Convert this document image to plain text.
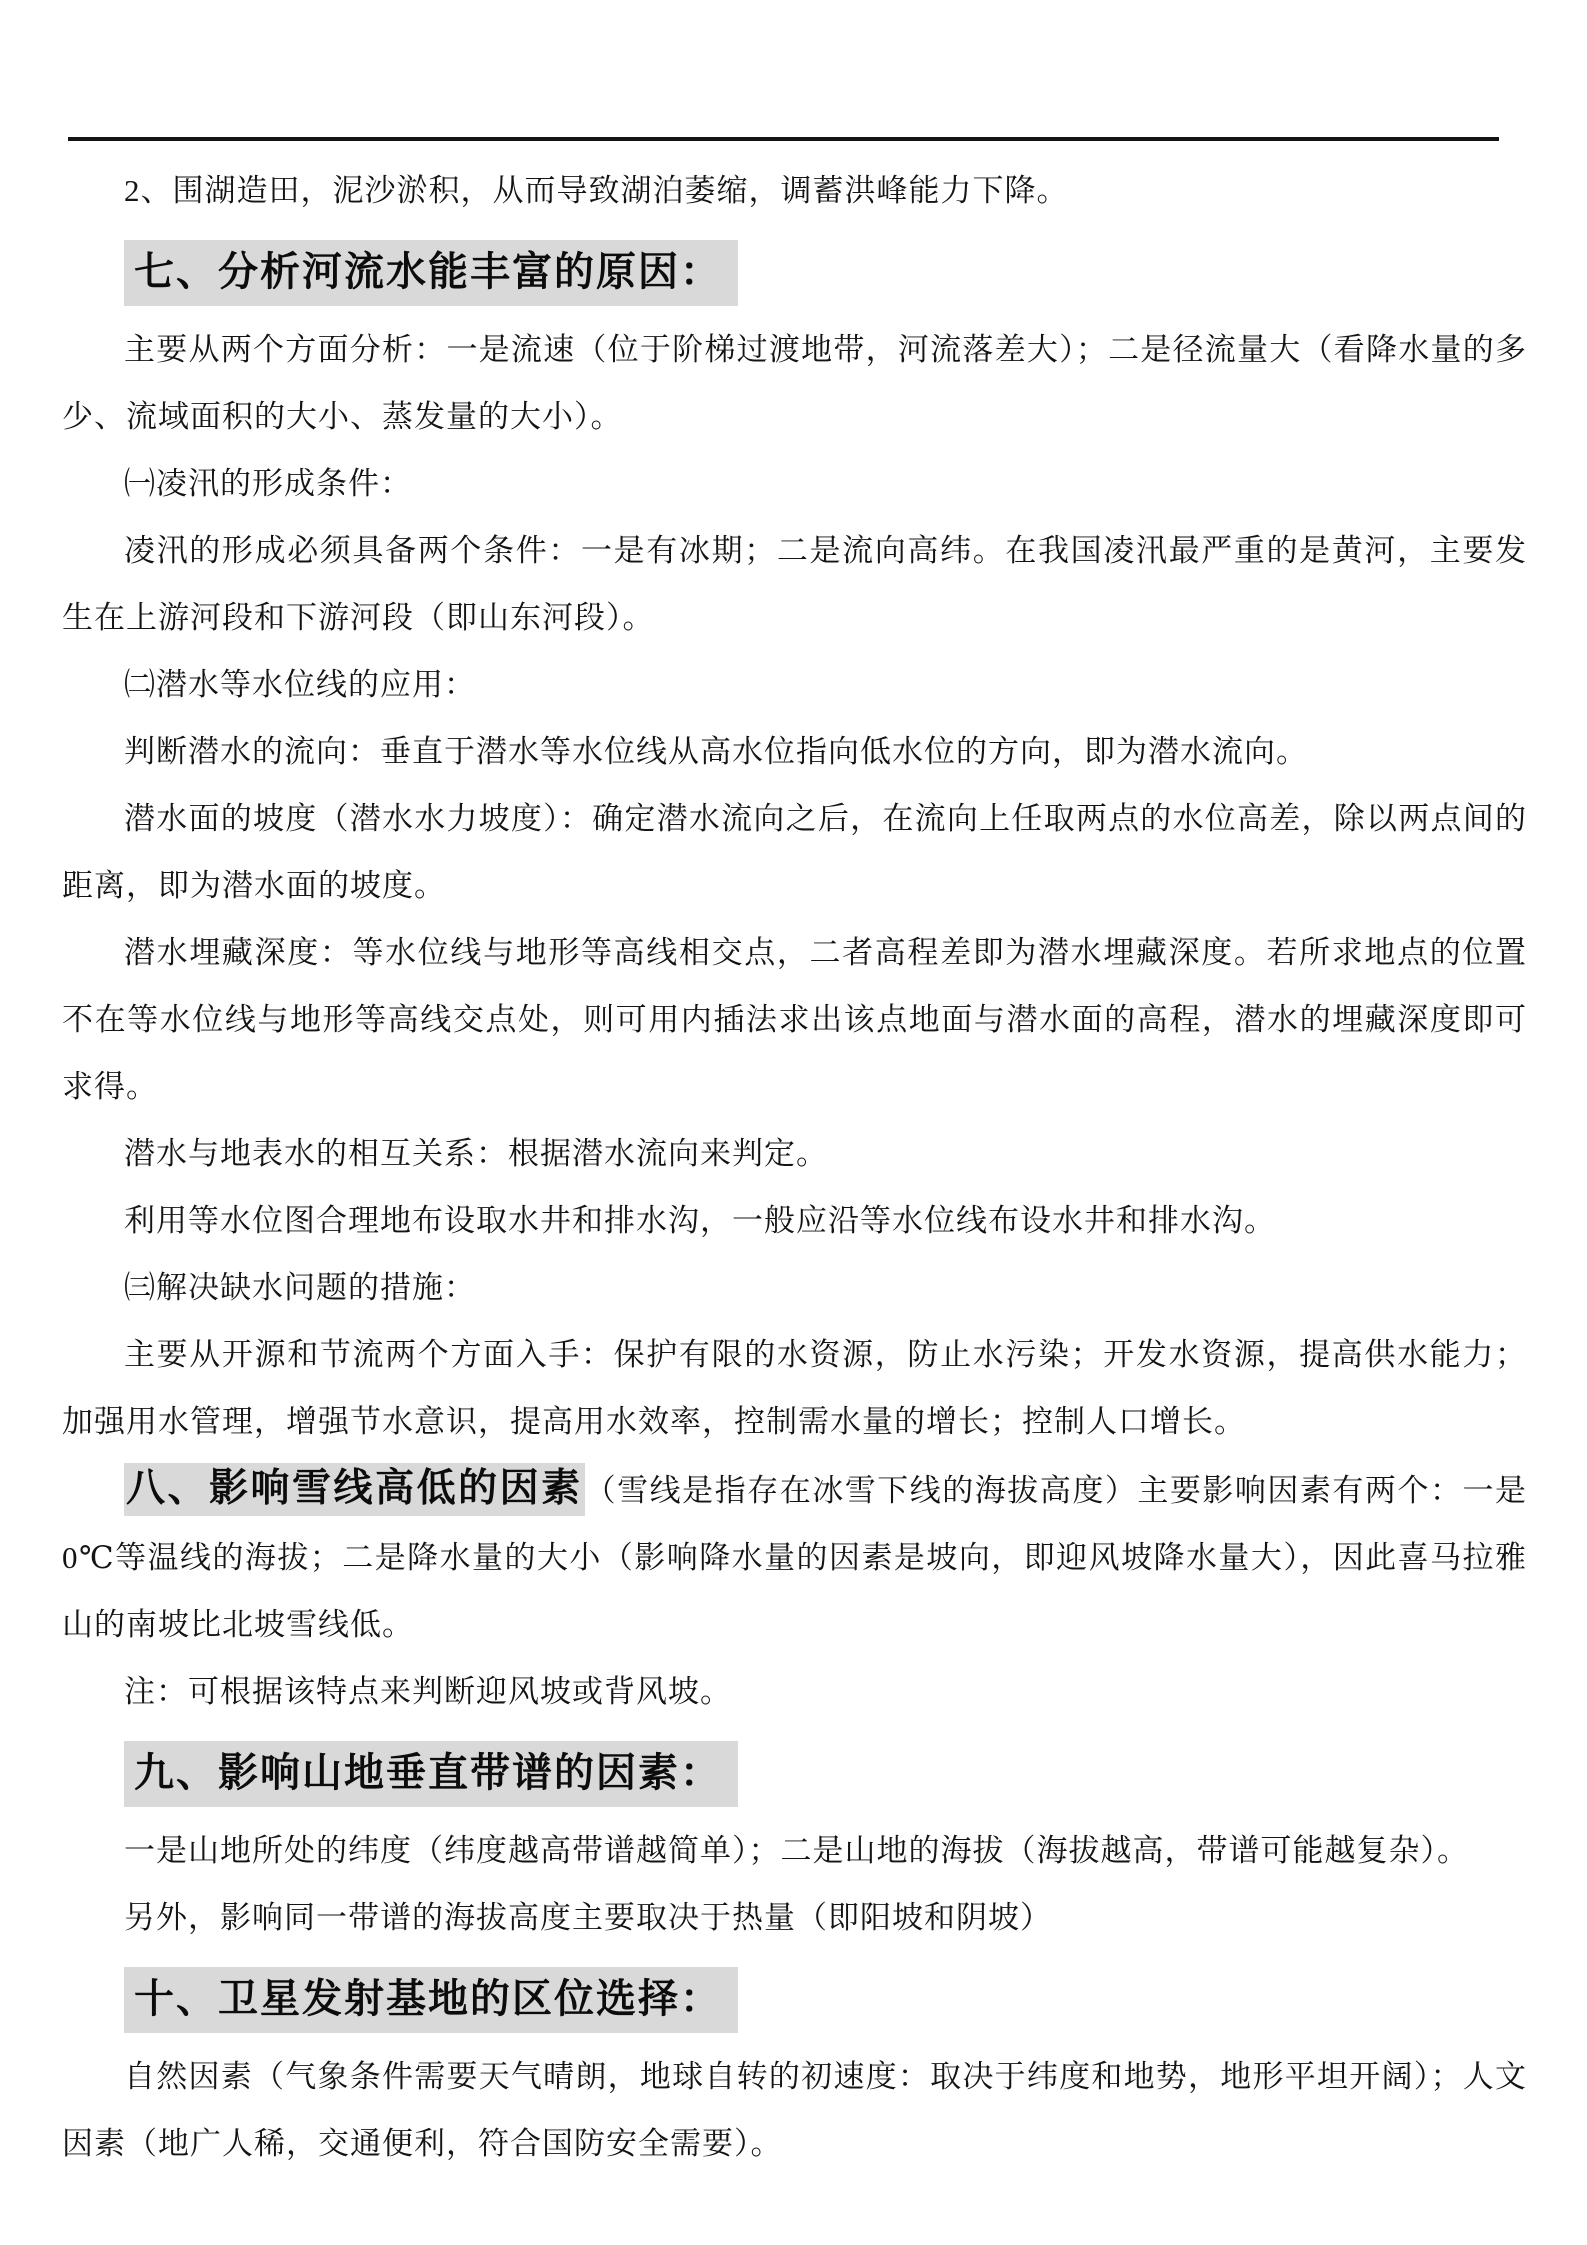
2、围湖造田，泥沙淤积，从而导致湖泊萎缩，调蓄洪峰能力下降。

七、分析河流水能丰富的原因：

主要从两个方面分析：一是流速（位于阶梯过渡地带，河流落差大）；二是径流量大（看降水量的多少、流域面积的大小、蒸发量的大小）。

㈠凌汛的形成条件：

凌汛的形成必须具备两个条件：一是有冰期；二是流向高纬。在我国凌汛最严重的是黄河，主要发生在上游河段和下游河段（即山东河段）。

㈡潜水等水位线的应用：

判断潜水的流向：垂直于潜水等水位线从高水位指向低水位的方向，即为潜水流向。

潜水面的坡度（潜水水力坡度）：确定潜水流向之后，在流向上任取两点的水位高差，除以两点间的距离，即为潜水面的坡度。

潜水埋藏深度：等水位线与地形等高线相交点，二者高程差即为潜水埋藏深度。若所求地点的位置不在等水位线与地形等高线交点处，则可用内插法求出该点地面与潜水面的高程，潜水的埋藏深度即可求得。

潜水与地表水的相互关系：根据潜水流向来判定。

利用等水位图合理地布设取水井和排水沟，一般应沿等水位线布设水井和排水沟。

㈢解决缺水问题的措施：

主要从开源和节流两个方面入手：保护有限的水资源，防止水污染；开发水资源，提高供水能力；加强用水管理，增强节水意识，提高用水效率，控制需水量的增长；控制人口增长。

八、影响雪线高低的因素（雪线是指存在冰雪下线的海拔高度）主要影响因素有两个：一是 0℃等温线的海拔；二是降水量的大小（影响降水量的因素是坡向，即迎风坡降水量大），因此喜马拉雅山的南坡比北坡雪线低。

注：可根据该特点来判断迎风坡或背风坡。

九、影响山地垂直带谱的因素：

一是山地所处的纬度（纬度越高带谱越简单）；二是山地的海拔（海拔越高，带谱可能越复杂）。

另外，影响同一带谱的海拔高度主要取决于热量（即阳坡和阴坡）

十、卫星发射基地的区位选择：

自然因素（气象条件需要天气晴朗，地球自转的初速度：取决于纬度和地势，地形平坦开阔）；人文因素（地广人稀，交通便利，符合国防安全需要）。
